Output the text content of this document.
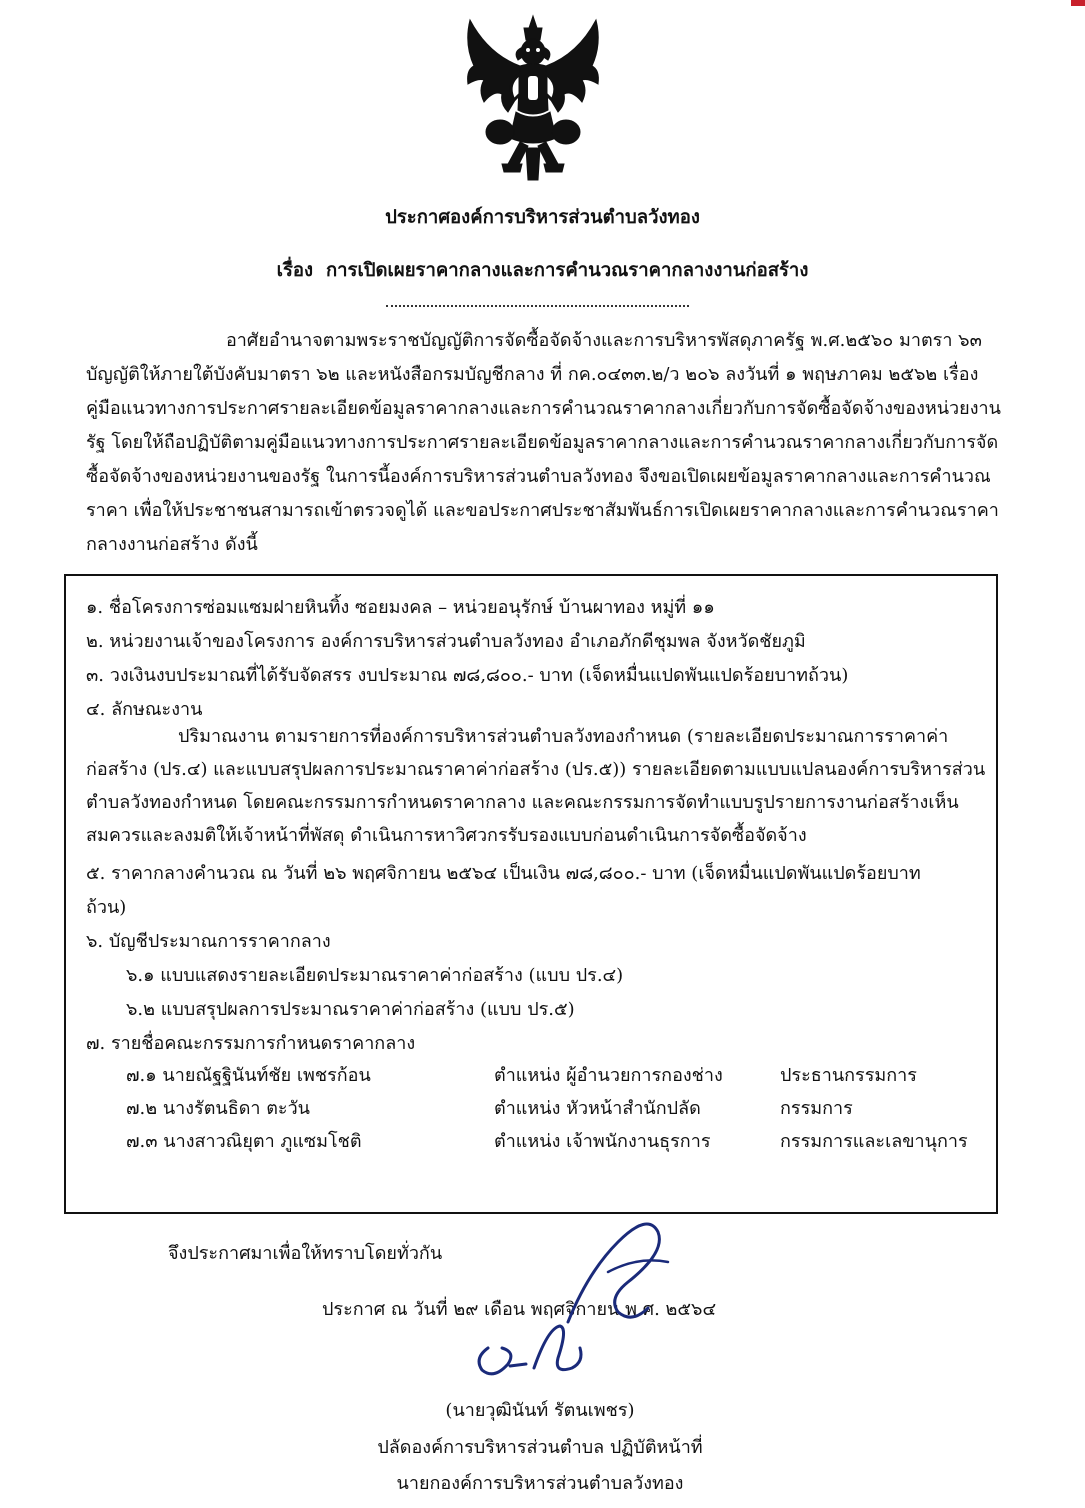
ประกาศองค์การบริหารส่วนตำบลวังทอง
เรื่อง การเปิดเผยราคากลางและการคำนวณราคากลางงานก่อสร้าง
อาศัยอำนาจตามพระราชบัญญัติการจัดซื้อจัดจ้างและการบริหารพัสดุภาครัฐ พ.ศ.๒๕๖๐ มาตรา ๖๓ บัญญัติให้ภายใต้บังคับมาตรา ๖๒ และหนังสือกรมบัญชีกลาง ที่ กค.๐๔๓๓.๒/ว ๒๐๖ ลงวันที่ ๑ พฤษภาคม ๒๕๖๒ เรื่องคู่มือแนวทางการประกาศรายละเอียดข้อมูลราคากลางและการคำนวณราคากลางเกี่ยวกับการจัดซื้อจัดจ้างของหน่วยงานรัฐ โดยให้ถือปฏิบัติตามคู่มือแนวทางการประกาศรายละเอียดข้อมูลราคากลางและการคำนวณราคากลางเกี่ยวกับการจัดซื้อจัดจ้างของหน่วยงานของรัฐ ในการนี้องค์การบริหารส่วนตำบลวังทอง จึงขอเปิดเผยข้อมูลราคากลางและการคำนวณราคา เพื่อให้ประชาชนสามารถเข้าตรวจดูได้ และขอประกาศประชาสัมพันธ์การเปิดเผยราคากลางและการคำนวณราคากลางงานก่อสร้าง ดังนี้
๑. ชื่อโครงการซ่อมแซมฝายหินทิ้ง ซอยมงคล – หน่วยอนุรักษ์ บ้านผาทอง หมู่ที่ ๑๑
๒. หน่วยงานเจ้าของโครงการ องค์การบริหารส่วนตำบลวังทอง อำเภอภักดีชุมพล จังหวัดชัยภูมิ
๓. วงเงินงบประมาณที่ได้รับจัดสรร งบประมาณ ๗๘,๘๐๐.- บาท (เจ็ดหมื่นแปดพันแปดร้อยบาทถ้วน)
๔. ลักษณะงาน
ปริมาณงาน ตามรายการที่องค์การบริหารส่วนตำบลวังทองกำหนด (รายละเอียดประมาณการราคาค่าก่อสร้าง (ปร.๔) และแบบสรุปผลการประมาณราคาค่าก่อสร้าง (ปร.๕)) รายละเอียดตามแบบแปลนองค์การบริหารส่วนตำบลวังทองกำหนด โดยคณะกรรมการกำหนดราคากลาง และคณะกรรมการจัดทำแบบรูปรายการงานก่อสร้างเห็นสมควรและลงมติให้เจ้าหน้าที่พัสดุ ดำเนินการหาวิศวกรรับรองแบบก่อนดำเนินการจัดซื้อจัดจ้าง
๕. ราคากลางคำนวณ ณ วันที่ ๒๖ พฤศจิกายน ๒๕๖๔ เป็นเงิน ๗๘,๘๐๐.- บาท (เจ็ดหมื่นแปดพันแปดร้อยบาท
ถ้วน)
๖. บัญชีประมาณการราคากลาง
๖.๑ แบบแสดงรายละเอียดประมาณราคาค่าก่อสร้าง (แบบ ปร.๔)
๖.๒ แบบสรุปผลการประมาณราคาค่าก่อสร้าง (แบบ ปร.๕)
๗. รายชื่อคณะกรรมการกำหนดราคากลาง
๗.๑ นายณัฐฐินันท์ชัย เพชรก้อน	ตำแหน่ง ผู้อำนวยการกองช่าง	ประธานกรรมการ
๗.๒ นางรัตนธิดา ตะวัน	ตำแหน่ง หัวหน้าสำนักปลัด	กรรมการ
๗.๓ นางสาวณิยุตา ภูแซมโชติ	ตำแหน่ง เจ้าพนักงานธุรการ	กรรมการและเลขานุการ
จึงประกาศมาเพื่อให้ทราบโดยทั่วกัน
ประกาศ ณ วันที่ ๒๙ เดือน พฤศจิกายน พ.ศ. ๒๕๖๔
(นายวุฒินันท์ รัตนเพชร)
ปลัดองค์การบริหารส่วนตำบล ปฏิบัติหน้าที่
นายกองค์การบริหารส่วนตำบลวังทอง
